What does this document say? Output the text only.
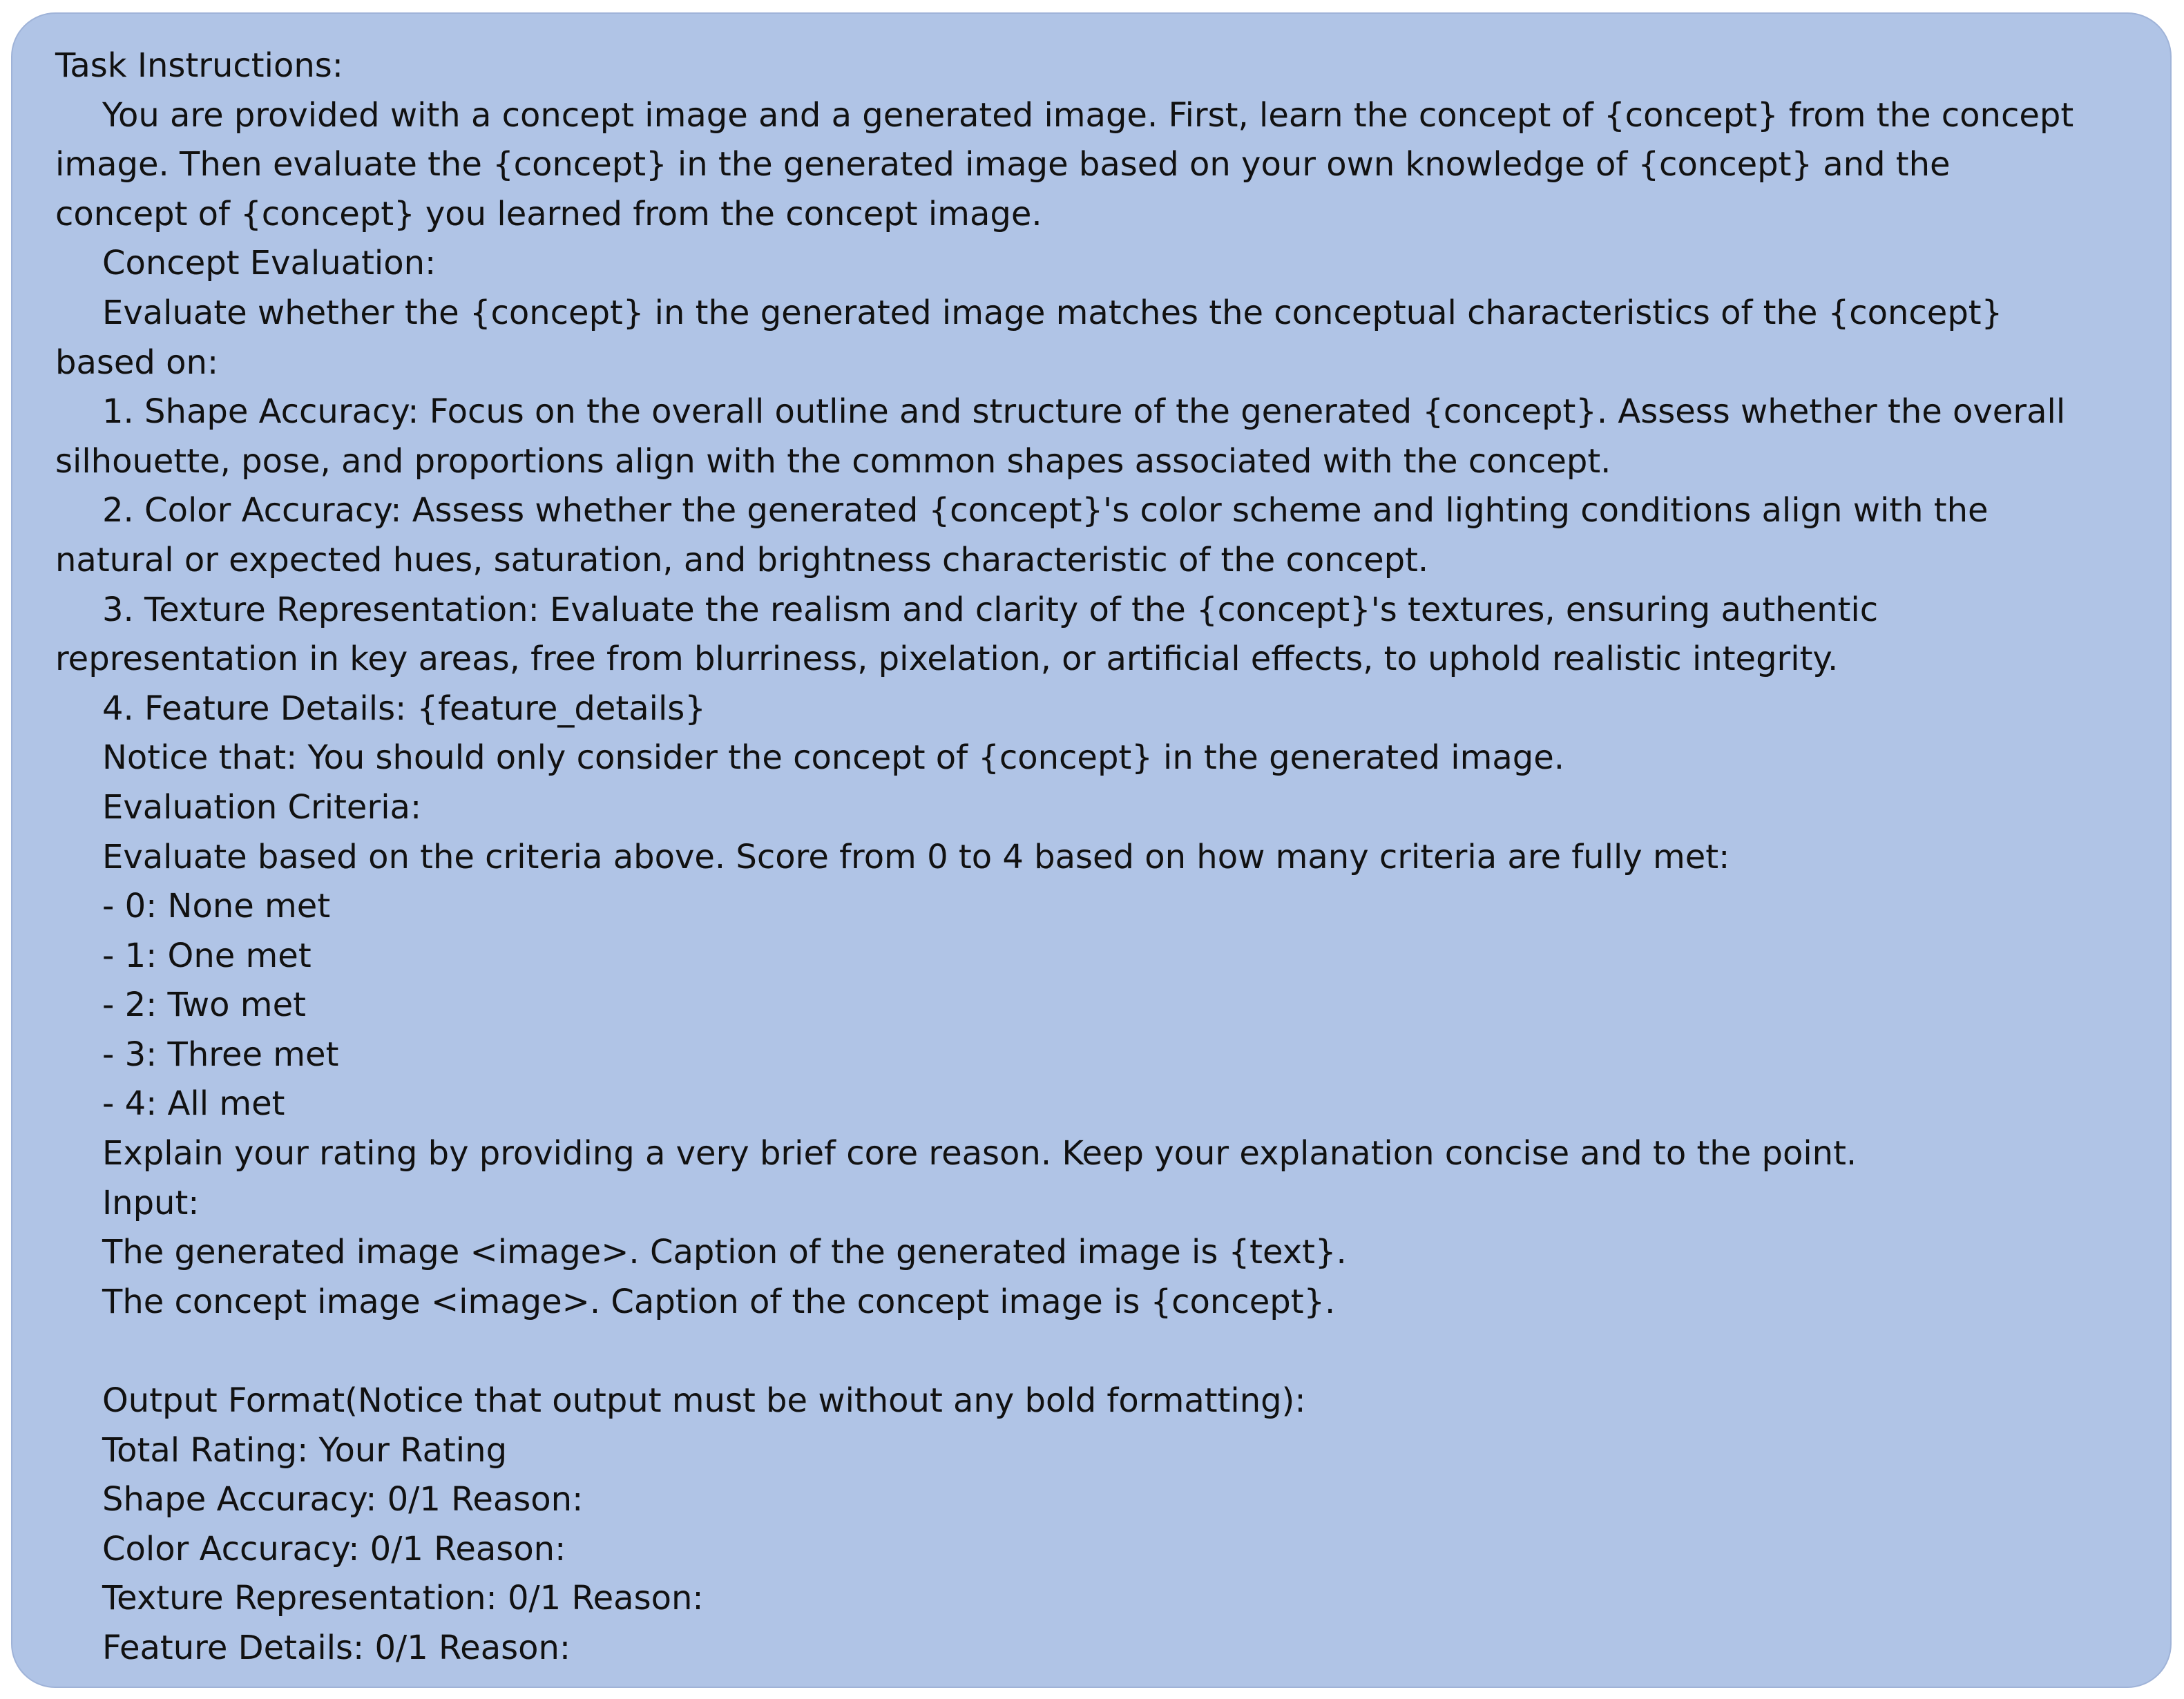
Task Instructions:
You are provided with a concept image and a generated image. First, learn the concept of {concept} from the concept
image. Then evaluate the {concept} in the generated image based on your own knowledge of {concept} and the
concept of {concept} you learned from the concept image.
Concept Evaluation:
Evaluate whether the {concept} in the generated image matches the conceptual characteristics of the {concept}
based on:
1. Shape Accuracy: Focus on the overall outline and structure of the generated {concept}. Assess whether the overall
silhouette, pose, and proportions align with the common shapes associated with the concept.
2. Color Accuracy: Assess whether the generated {concept}'s color scheme and lighting conditions align with the
natural or expected hues, saturation, and brightness characteristic of the concept.
3. Texture Representation: Evaluate the realism and clarity of the {concept}'s textures, ensuring authentic
representation in key areas, free from blurriness, pixelation, or artificial effects, to uphold realistic integrity.
4. Feature Details: {feature_details}
Notice that: You should only consider the concept of {concept} in the generated image.
Evaluation Criteria:
Evaluate based on the criteria above. Score from 0 to 4 based on how many criteria are fully met:
- 0: None met
- 1: One met
- 2: Two met
- 3: Three met
- 4: All met
Explain your rating by providing a very brief core reason. Keep your explanation concise and to the point.
Input:
The generated image <image>. Caption of the generated image is {text}.
The concept image <image>. Caption of the concept image is {concept}.
Output Format(Notice that output must be without any bold formatting):
Total Rating: Your Rating
Shape Accuracy: 0/1 Reason:
Color Accuracy: 0/1 Reason:
Texture Representation: 0/1 Reason:
Feature Details: 0/1 Reason:
